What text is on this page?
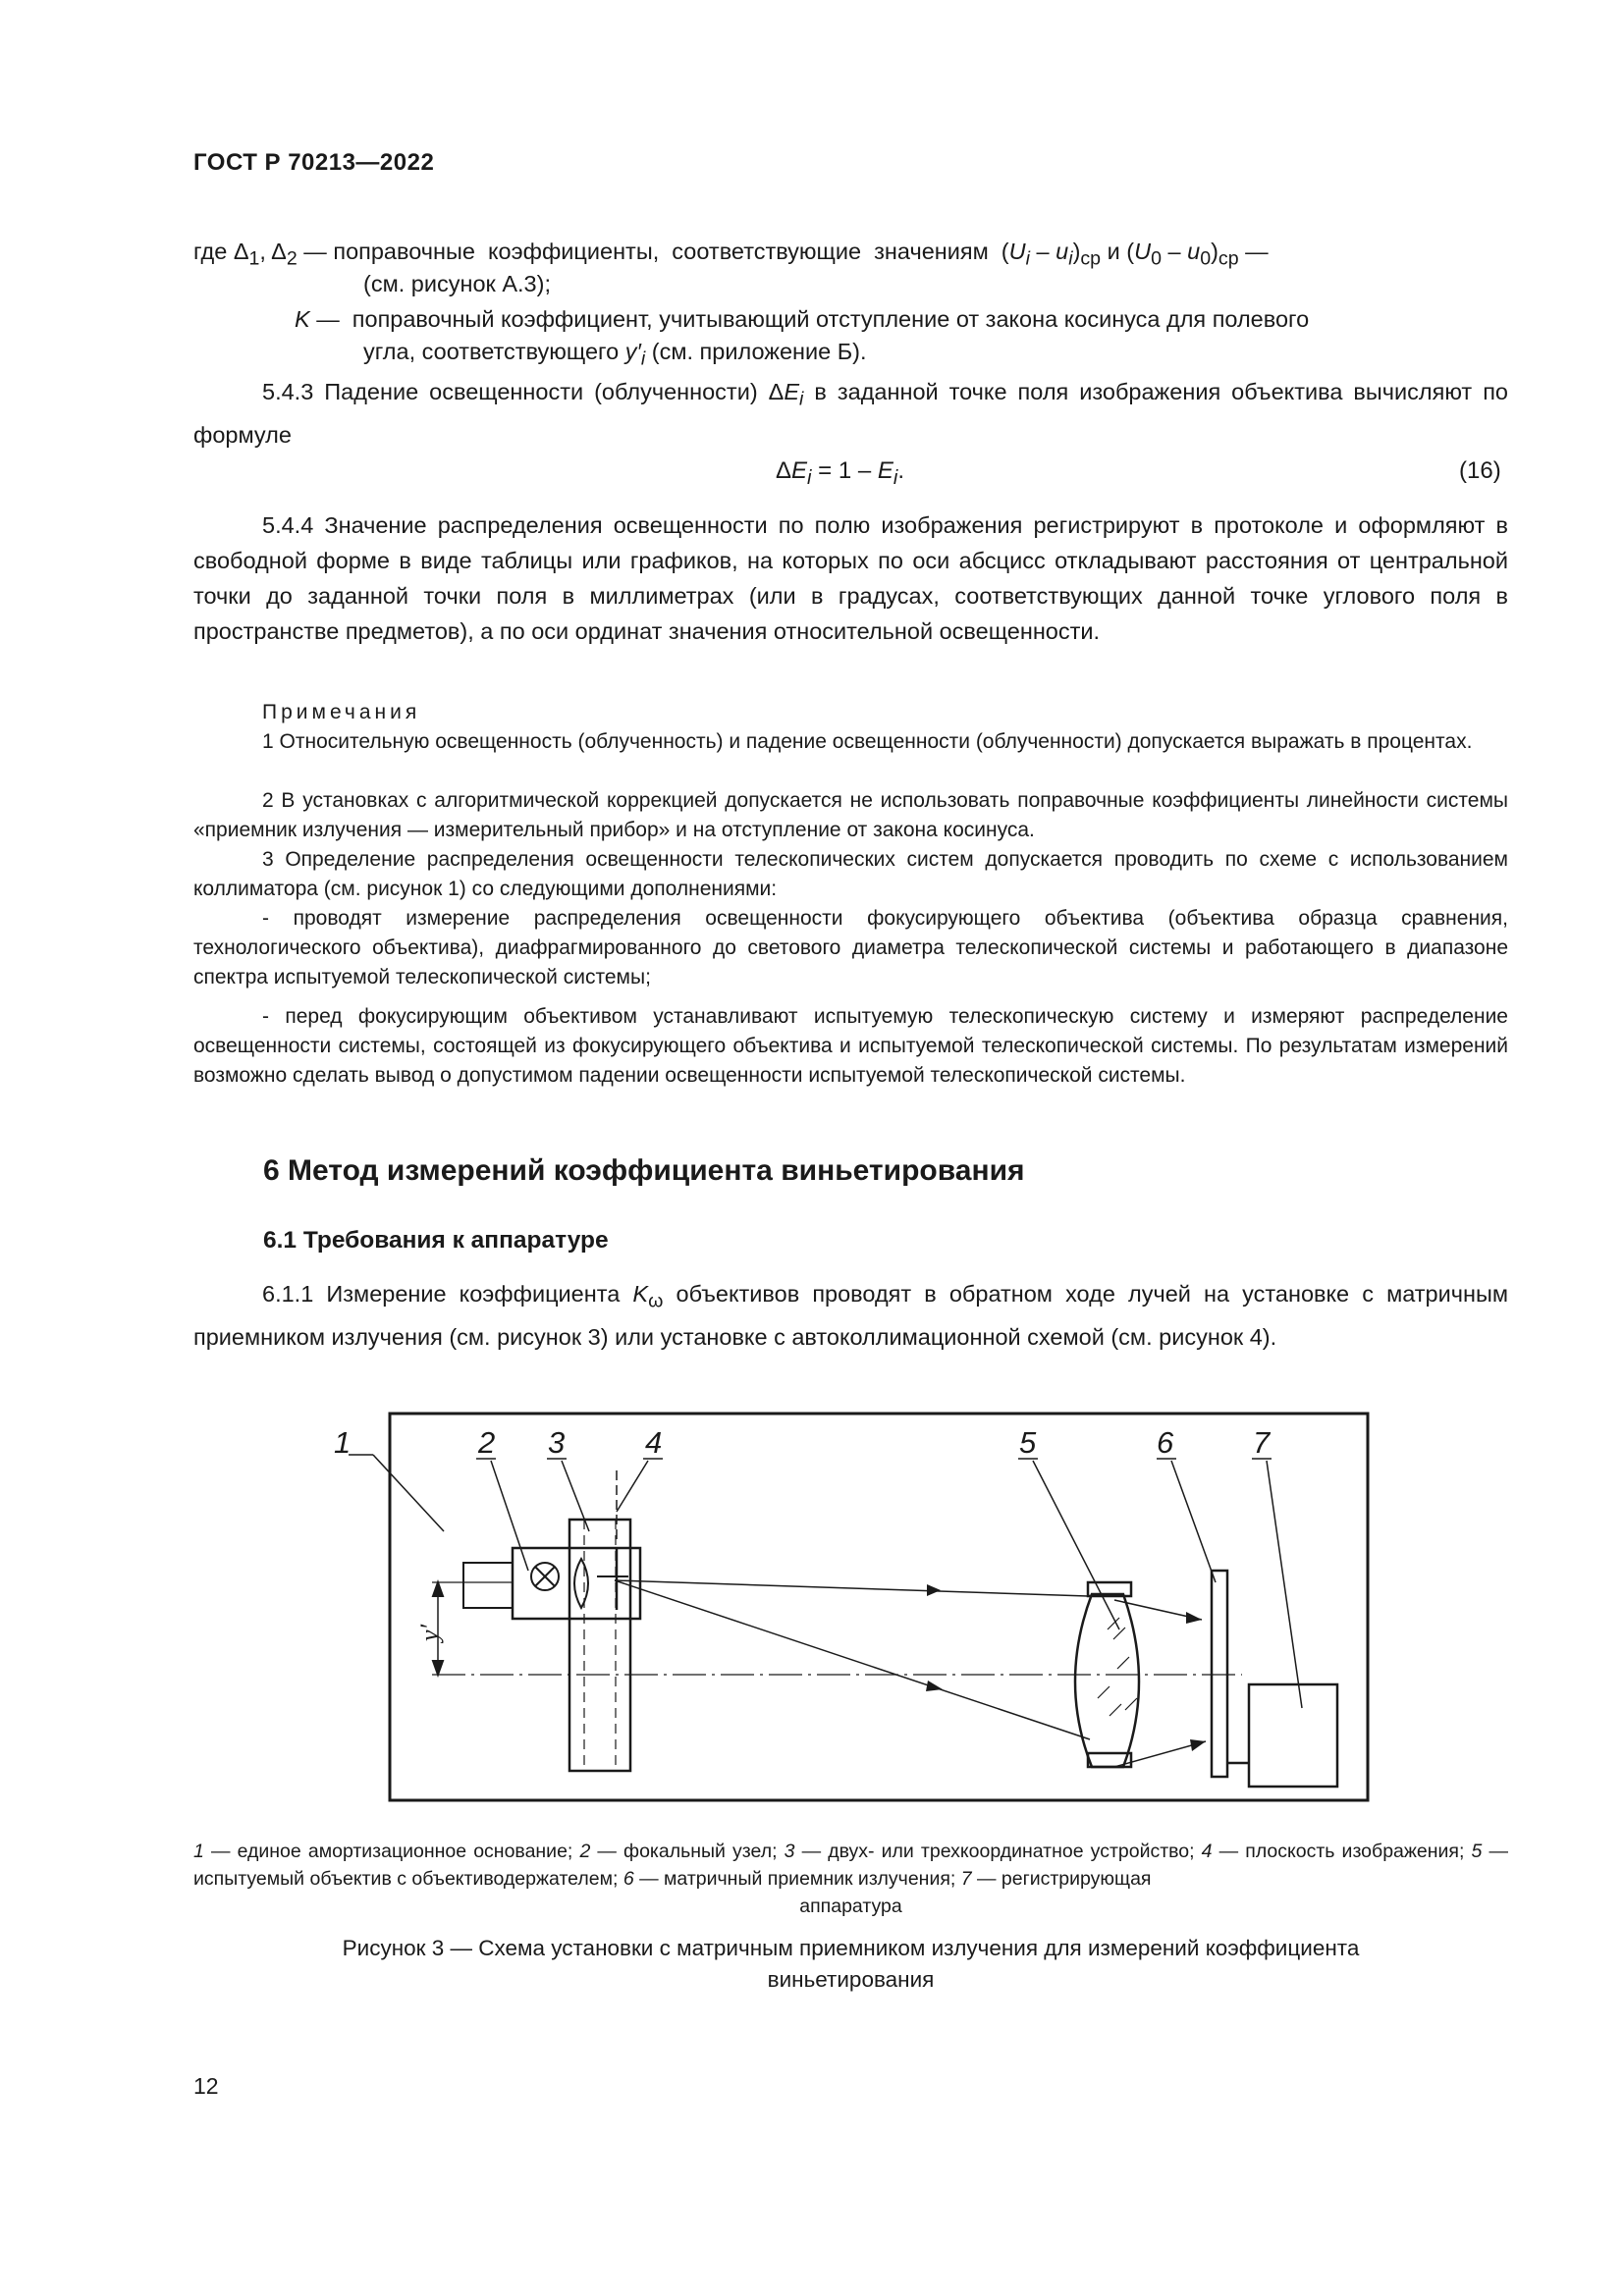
ГОСТ Р 70213—2022
где $\Delta_1$, $\Delta_2$ — поправочные  коэффициенты,  соответствующие  значениям  $(U_i - u_i)_{ср}$ и $(U_0 - u_0)_{ср}$ —
(см. рисунок А.3);
K —  поправочный коэффициент, учитывающий отступление от закона косинуса для полевого
угла, соответствующего $y'_i$ (см. приложение Б).
5.4.3 Падение освещенности (облученности) $\Delta E_i$ в заданной точке поля изображения объектива вычисляют по формуле
$\Delta E_i = 1 - E_i$.	(16)
5.4.4 Значение распределения освещенности по полю изображения регистрируют в протоколе и оформляют в свободной форме в виде таблицы или графиков, на которых по оси абсцисс откладывают расстояния от центральной точки до заданной точки поля в миллиметрах (или в градусах, соответствующих данной точке углового поля в пространстве предметов), а по оси ординат значения относительной освещенности.
Примечания
1 Относительную освещенность (облученность) и падение освещенности (облученности) допускается выражать в процентах.
2 В установках с алгоритмической коррекцией допускается не использовать поправочные коэффициенты линейности системы «приемник излучения — измерительный прибор» и на отступление от закона косинуса.
3 Определение распределения освещенности телескопических систем допускается проводить по схеме с использованием коллиматора (см. рисунок 1) со следующими дополнениями:
- проводят измерение распределения освещенности фокусирующего объектива (объектива образца сравнения, технологического объектива), диафрагмированного до светового диаметра телескопической системы и работающего в диапазоне спектра испытуемой телескопической системы;
- перед фокусирующим объективом устанавливают испытуемую телескопическую систему и измеряют распределение освещенности системы, состоящей из фокусирующего объектива и испытуемой телескопической системы. По результатам измерений возможно сделать вывод о допустимом падении освещенности испытуемой телескопической системы.
6 Метод измерений коэффициента виньетирования
6.1 Требования к аппаратуре
6.1.1 Измерение коэффициента $K_\omega$ объективов проводят в обратном ходе лучей на установке с матричным приемником излучения (см. рисунок 3) или установке с автоколлимационной схемой (см. рисунок 4).
1	2 3	4	5	6	7
y′
1 — единое амортизационное основание; 2 — фокальный узел; 3 — двух- или трехкоординатное устройство; 4 — плоскость изображения; 5 — испытуемый объектив с объективодержателем; 6 — матричный приемник излучения; 7 — регистрирующая

аппаратура
Рисунок 3 — Схема установки с матричным приемником излучения для измерений коэффициента
виньетирования
12
